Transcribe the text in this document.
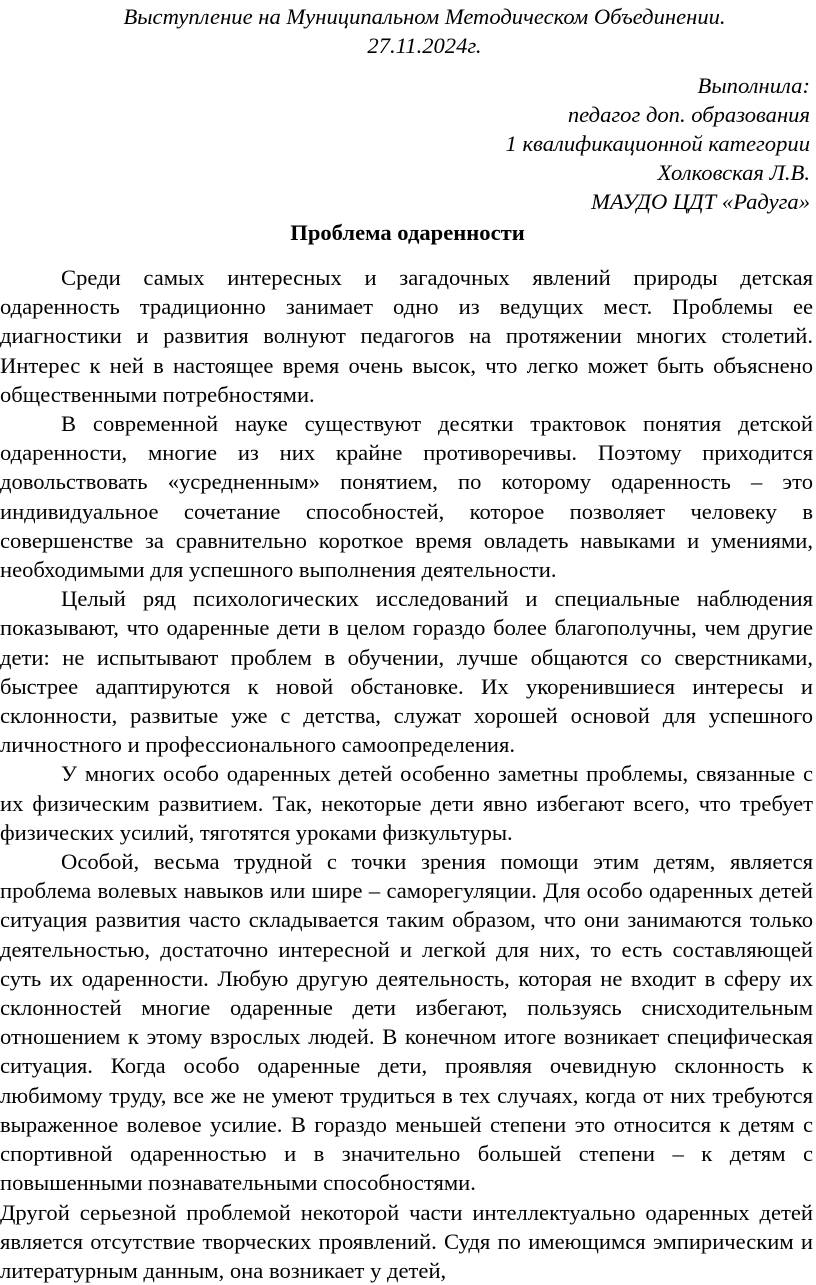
Выступление на Муниципальном Методическом Объединении.
27.11.2024г.
Выполнила:
педагог доп. образования
1 квалификационной категории
Холковская Л.В.
МАУДО ЦДТ «Радуга»
Проблема одаренности

Среди самых интересных и загадочных явлений природы детская одаренность традиционно занимает одно из ведущих мест. Проблемы ее диагностики и развития волнуют педагогов на протяжении многих столетий. Интерес к ней в настоящее время очень высок, что легко может быть объяснено общественными потребностями.

В современной науке существуют десятки трактовок понятия детской одаренности, многие из них крайне противоречивы. Поэтому приходится довольствовать «усредненным» понятием, по которому одаренность – это индивидуальное сочетание способностей, которое позволяет человеку в совершенстве за сравнительно короткое время овладеть навыками и умениями, необходимыми для успешного выполнения деятельности.

Целый ряд психологических исследований и специальные наблюдения показывают, что одаренные дети в целом гораздо более благополучны, чем другие дети: не испытывают проблем в обучении, лучше общаются со сверстниками, быстрее адаптируются к новой обстановке. Их укоренившиеся интересы и склонности, развитые уже с детства, служат хорошей основой для успешного личностного и профессионального самоопределения.

У многих особо одаренных детей особенно заметны проблемы, связанные с их физическим развитием. Так, некоторые дети явно избегают всего, что требует физических усилий, тяготятся уроками физкультуры.

Особой, весьма трудной с точки зрения помощи этим детям, является проблема волевых навыков или шире – саморегуляции. Для особо одаренных детей ситуация развития часто складывается таким образом, что они занимаются только деятельностью, достаточно интересной и легкой для них, то есть составляющей суть их одаренности. Любую другую деятельность, которая не входит в сферу их склонностей многие одаренные дети избегают, пользуясь снисходительным отношением к этому взрослых людей. В конечном итоге возникает специфическая ситуация. Когда особо одаренные дети, проявляя очевидную склонность к любимому труду, все же не умеют трудиться в тех случаях, когда от них требуются выраженное волевое усилие. В гораздо меньшей степени это относится к детям с спортивной одаренностью и в значительно большей степени – к детям с повышенными познавательными способностями.

Другой серьезной проблемой некоторой части интеллектуально одаренных детей является отсутствие творческих проявлений. Судя по имеющимся эмпирическим и литературным данным, она возникает у детей,
